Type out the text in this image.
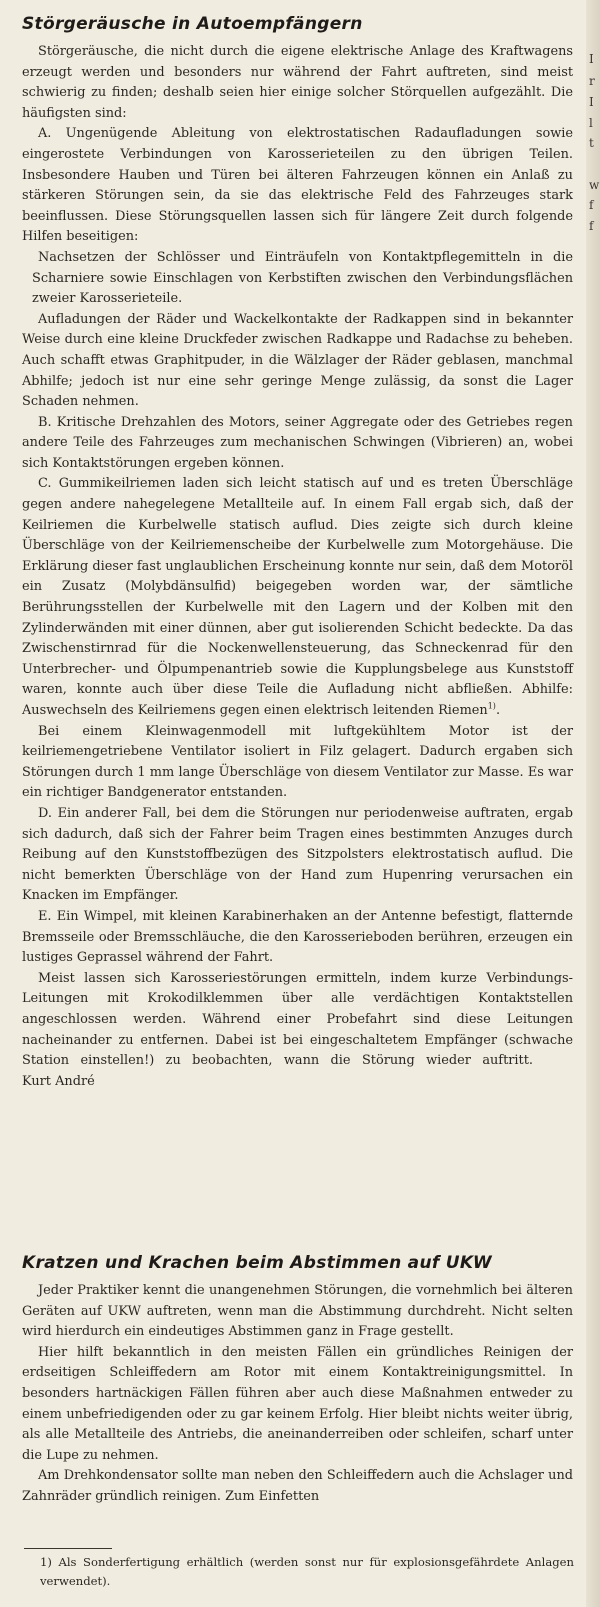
Störgeräusche in Autoempfängern

Störgeräusche, die nicht durch die eigene elektrische Anlage des Kraftwagens erzeugt werden und besonders nur während der Fahrt auftreten, sind meist schwierig zu finden; deshalb seien hier einige solcher Störquellen aufgezählt. Die häufigsten sind:

A. Ungenügende Ableitung von elektrostatischen Radaufladungen sowie eingerostete Verbindungen von Karosserieteilen zu den übrigen Teilen. Insbesondere Hauben und Türen bei älteren Fahrzeugen können ein Anlaß zu stärkeren Störungen sein, da sie das elektrische Feld des Fahrzeuges stark beeinflussen. Diese Störungsquellen lassen sich für längere Zeit durch folgende Hilfen beseitigen:

Nachsetzen der Schlösser und Einträufeln von Kontaktpflegemitteln in die Scharniere sowie Einschlagen von Kerbstiften zwischen den Verbindungsflächen zweier Karosserieteile.

Aufladungen der Räder und Wackelkontakte der Radkappen sind in bekannter Weise durch eine kleine Druckfeder zwischen Radkappe und Radachse zu beheben. Auch schafft etwas Graphitpuder, in die Wälzlager der Räder geblasen, manchmal Abhilfe; jedoch ist nur eine sehr geringe Menge zulässig, da sonst die Lager Schaden nehmen.

B. Kritische Drehzahlen des Motors, seiner Aggregate oder des Getriebes regen andere Teile des Fahrzeuges zum mechanischen Schwingen (Vibrieren) an, wobei sich Kontaktstörungen ergeben können.

C. Gummikeilriemen laden sich leicht statisch auf und es treten Überschläge gegen andere nahegelegene Metallteile auf. In einem Fall ergab sich, daß der Keilriemen die Kurbelwelle statisch auflud. Dies zeigte sich durch kleine Überschläge von der Keilriemenscheibe der Kurbelwelle zum Motorgehäuse. Die Erklärung dieser fast unglaublichen Erscheinung konnte nur sein, daß dem Motoröl ein Zusatz (Molybdänsulfid) beigegeben worden war, der sämtliche Berührungsstellen der Kurbelwelle mit den Lagern und der Kolben mit den Zylinderwänden mit einer dünnen, aber gut isolierenden Schicht bedeckte. Da das Zwischenstirnrad für die Nockenwellensteuerung, das Schneckenrad für den Unterbrecher- und Ölpumpenantrieb sowie die Kupplungsbelege aus Kunststoff waren, konnte auch über diese Teile die Aufladung nicht abfließen. Abhilfe: Auswechseln des Keilriemens gegen einen elektrisch leitenden Riemen$^{1)}$.

Bei einem Kleinwagenmodell mit luftgekühltem Motor ist der keilriemengetriebene Ventilator isoliert in Filz gelagert. Dadurch ergaben sich Störungen durch 1 mm lange Überschläge von diesem Ventilator zur Masse. Es war ein richtiger Bandgenerator entstanden.

D. Ein anderer Fall, bei dem die Störungen nur periodenweise auftraten, ergab sich dadurch, daß sich der Fahrer beim Tragen eines bestimmten Anzuges durch Reibung auf den Kunststoffbezügen des Sitzpolsters elektrostatisch auflud. Die nicht bemerkten Überschläge von der Hand zum Hupenring verursachen ein Knacken im Empfänger.

E. Ein Wimpel, mit kleinen Karabinerhaken an der Antenne befestigt, flatternde Bremsseile oder Bremsschläuche, die den Karosserieboden berühren, erzeugen ein lustiges Geprassel während der Fahrt.

Meist lassen sich Karosseriestörungen ermitteln, indem kurze Verbindungs-Leitungen mit Krokodilklemmen über alle verdächtigen Kontaktstellen angeschlossen werden. Während einer Probefahrt sind diese Leitungen nacheinander zu entfernen. Dabei ist bei eingeschaltetem Empfänger (schwache Station einstellen!) zu beobachten, wann die Störung wieder auftritt.Kurt André

Kratzen und Krachen beim Abstimmen auf UKW

Jeder Praktiker kennt die unangenehmen Störungen, die vornehmlich bei älteren Geräten auf UKW auftreten, wenn man die Abstimmung durchdreht. Nicht selten wird hierdurch ein eindeutiges Abstimmen ganz in Frage gestellt.

Hier hilft bekanntlich in den meisten Fällen ein gründliches Reinigen der erdseitigen Schleiffedern am Rotor mit einem Kontaktreinigungsmittel. In besonders hartnäckigen Fällen führen aber auch diese Maßnahmen entweder zu einem unbefriedigenden oder zu gar keinem Erfolg. Hier bleibt nichts weiter übrig, als alle Metallteile des Antriebs, die aneinanderreiben oder schleifen, scharf unter die Lupe zu nehmen.

Am Drehkondensator sollte man neben den Schleiffedern auch die Achslager und Zahnräder gründlich reinigen. Zum Einfetten

1) Als Sonderfertigung erhältlich (werden sonst nur für explosionsgefährdete Anlagen verwendet).

I
r
I
l
t
w
f
f
